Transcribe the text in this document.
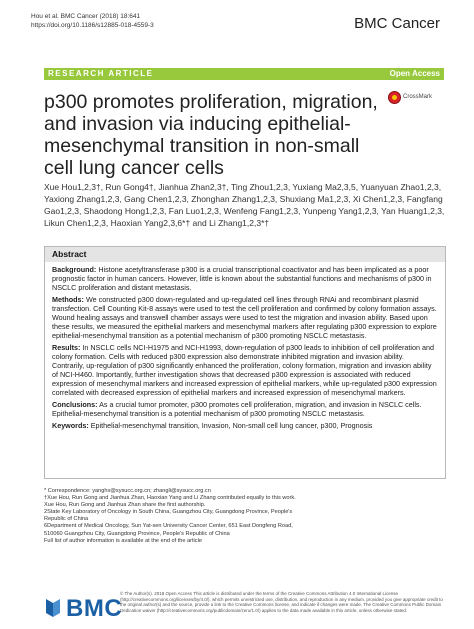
Hou et al. BMC Cancer (2018) 18:641
https://doi.org/10.1186/s12885-018-4559-3	BMC Cancer
RESEARCH ARTICLE	Open Access
p300 promotes proliferation, migration, and invasion via inducing epithelial-mesenchymal transition in non-small cell lung cancer cells
CrossMark
Xue Hou1,2,3†, Run Gong4†, Jianhua Zhan2,3†, Ting Zhou1,2,3, Yuxiang Ma2,3,5, Yuanyuan Zhao1,2,3, Yaxiong Zhang1,2,3, Gang Chen1,2,3, Zhonghan Zhang1,2,3, Shuxiang Ma1,2,3, Xi Chen1,2,3, Fangfang Gao1,2,3, Shaodong Hong1,2,3, Fan Luo1,2,3, Wenfeng Fang1,2,3, Yunpeng Yang1,2,3, Yan Huang1,2,3, Likun Chen1,2,3, Haoxian Yang2,3,6*† and Li Zhang1,2,3*†
Abstract

Background: Histone acetyltransferase p300 is a crucial transcriptional coactivator and has been implicated as a poor prognostic factor in human cancers. However, little is known about the substantial functions and mechanisms of p300 in NSCLC proliferation and distant metastasis.

Methods: We constructed p300 down-regulated and up-regulated cell lines through RNAi and recombinant plasmid transfection. Cell Counting Kit-8 assays were used to test the cell proliferation and confirmed by colony formation assays. Wound healing assays and transwell chamber assays were used to test the migration and invasion ability. Based upon these results, we measured the epithelial markers and mesenchymal markers after regulating p300 expression to explore epithelial-mesenchymal transition as a potential mechanism of p300 promoting NSCLC metastasis.

Results: In NSCLC cells NCI-H1975 and NCI-H1993, down-regulation of p300 leads to inhibition of cell proliferation and colony formation. Cells with reduced p300 expression also demonstrate inhibited migration and invasion ability. Contrarily, up-regulation of p300 significantly enhanced the proliferation, colony formation, migration and invasion ability of NCI-H460. Importantly, further investigation shows that decreased p300 expression is associated with reduced expression of mesenchymal markers and increased expression of epithelial markers, while up-regulated p300 expression correlated with decreased expression of epithelial markers and increased expression of mesenchymal markers.

Conclusions: As a crucial tumor promoter, p300 promotes cell proliferation, migration, and invasion in NSCLC cells. Epithelial-mesenchymal transition is a potential mechanism of p300 promoting NSCLC metastasis.

Keywords: Epithelial-mesenchymal transition, Invasion, Non-small cell lung cancer, p300, Prognosis

* Correspondence: yanghx@sysucc.org.cn; zhangli@sysucc.org.cn

†Xue Hou, Run Gong and Jianhua Zhan, Haoxian Yang and Li Zhang contributed equally to this work.

Xue Hou, Run Gong and Jianhua Zhan share the first authorship.

2State Key Laboratory of Oncology in South China, Guangzhou City, Guangdong Province, People's Republic of China

6Department of Medical Oncology, Sun Yat-sen University Cancer Center, 651 East Dongfeng Road, 510060 Guangzhou City, Guangdong Province, People's Republic of China

Full list of author information is available at the end of the article

BMC
© The Author(s). 2018 Open Access This article is distributed under the terms of the Creative Commons Attribution 4.0 International License (http://creativecommons.org/licenses/by/4.0/), which permits unrestricted use, distribution, and reproduction in any medium, provided you give appropriate credit to the original author(s) and the source, provide a link to the Creative Commons license, and indicate if changes were made. The Creative Commons Public Domain Dedication waiver (http://creativecommons.org/publicdomain/zero/1.0/) applies to the data made available in this article, unless otherwise stated.
